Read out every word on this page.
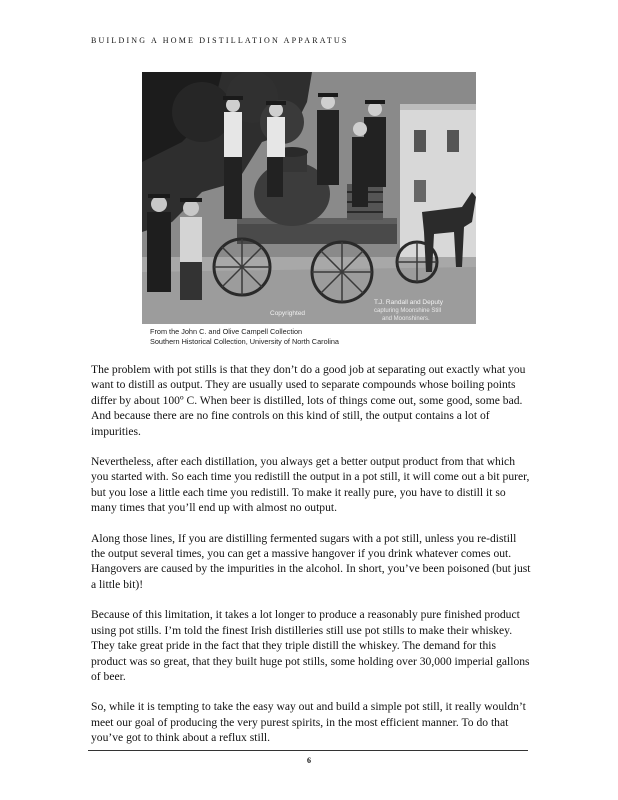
BUILDING A HOME DISTILLATION APPARATUS
Copyrighted
T.J. Randall and Deputy
capturing Moonshine Still
and Moonshiners.
From the John C. and Olive Campell Collection
Southern Historical Collection, University of North Carolina

The problem with pot stills is that they don’t do a good job at separating out exactly what you want to distill as output. They are usually used to separate compounds whose boiling points differ by about 100º C. When beer is distilled, lots of things come out, some good, some bad. And because there are no fine controls on this kind of still, the output contains a lot of impurities.

Nevertheless, after each distillation, you always get a better output product from that which you started with. So each time you redistill the output in a pot still, it will come out a bit purer, but you lose a little each time you redistill. To make it really pure, you have to distill it so many times that you’ll end up with almost no output.

Along those lines, If you are distilling fermented sugars with a pot still, unless you re-distill the output several times, you can get a massive hangover if you drink whatever comes out. Hangovers are caused by the impurities in the alcohol. In short, you’ve been poisoned (but just a little bit)!

Because of this limitation, it takes a lot longer to produce a reasonably pure finished product using pot stills. I’m told the finest Irish distilleries still use pot stills to make their whiskey. They take great pride in the fact that they triple distill the whiskey. The demand for this product was so great, that they built huge pot stills, some holding over 30,000 imperial gallons of beer.

So, while it is tempting to take the easy way out and build a simple pot still, it really wouldn’t meet our goal of producing the very purest spirits, in the most efficient manner. To do that you’ve got to think about a reflux still.

6
